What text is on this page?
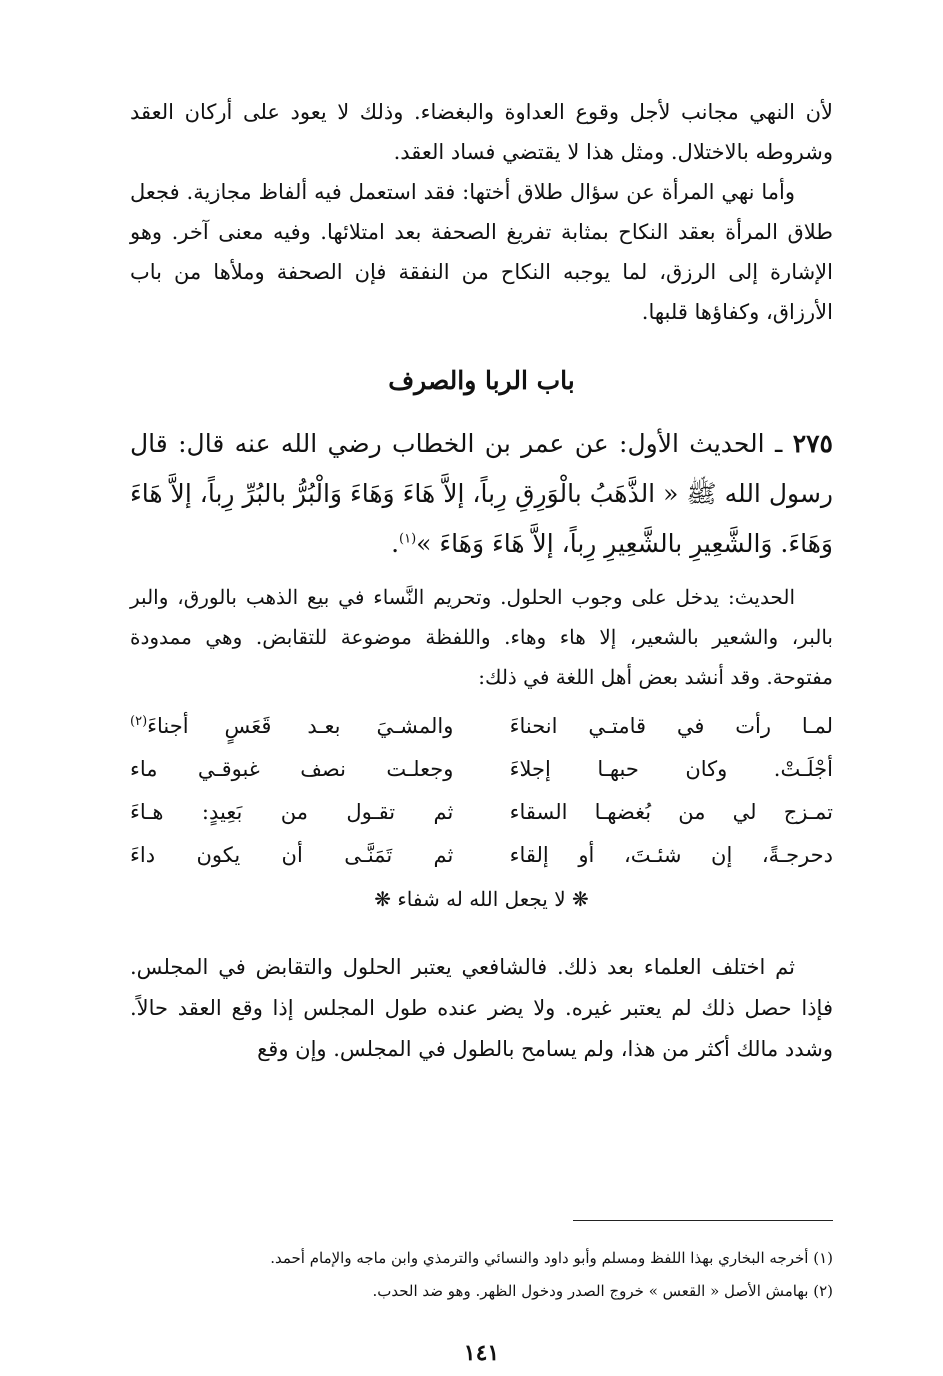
لأن النهي مجانب لأجل وقوع العداوة والبغضاء. وذلك لا يعود على أركان العقد وشروطه بالاختلال. ومثل هذا لا يقتضي فساد العقد.

وأما نهي المرأة عن سؤال طلاق أختها: فقد استعمل فيه ألفاظ مجازية. فجعل طلاق المرأة بعقد النكاح بمثابة تفريغ الصحفة بعد امتلائها. وفيه معنى آخر. وهو الإشارة إلى الرزق، لما يوجبه النكاح من النفقة فإن الصحفة وملأها من باب الأرزاق، وكفاؤها قلبها.

باب الربا والصرف

٢٧٥ ـ الحديث الأول: عن عمر بن الخطاب رضي الله عنه قال: قال رسول الله ﷺ « الذَّهَبُ بالْوَرِقِ رِباً، إلاَّ هَاءَ وَهَاءَ وَالْبُرُّ بالبُرِّ رِباً، إلاَّ هَاءَ وَهَاءَ. وَالشَّعِيرِ بالشَّعِيرِ رِباً، إلاَّ هَاءَ وَهَاءَ »$^{(١)}$.

الحديث: يدخل على وجوب الحلول. وتحريم النَّساء في بيع الذهب بالورق، والبر بالبر، والشعير بالشعير، إلا هاء وهاء. واللفظة موضوعة للتقابض. وهي ممدودة مفتوحة. وقد أنشد بعض أهل اللغة في ذلك:

لمـا رأت في قامتـي انحناءَ
والمشـيَ بعـد قَعَسٍ أجناءَ$^{(٢)}$
أجْلَـتْ. وكان حبهـا إجلاءَ
وجعلـت نصف غبوقـي ماء
تمـزج لي من بُغضهـا السقاء
ثم تقـول من بَعِيدٍ: هـاءَ
دحرجـةً، إن شئـتَ، أو إلقاء
ثم تَمَنَّـى أن يكون داءَ
❋ لا يجعل الله له شفاء ❋

ثم اختلف العلماء بعد ذلك. فالشافعي يعتبر الحلول والتقابض في المجلس. فإذا حصل ذلك لم يعتبر غيره. ولا يضر عنده طول المجلس إذا وقع العقد حالاً. وشدد مالك أكثر من هذا، ولم يسامح بالطول في المجلس. وإن وقع

(١) أخرجه البخاري بهذا اللفظ ومسلم وأبو داود والنسائي والترمذي وابن ماجه والإمام أحمد.

(٢) بهامش الأصل « القعس » خروج الصدر ودخول الظهر. وهو ضد الحدب.

١٤١
